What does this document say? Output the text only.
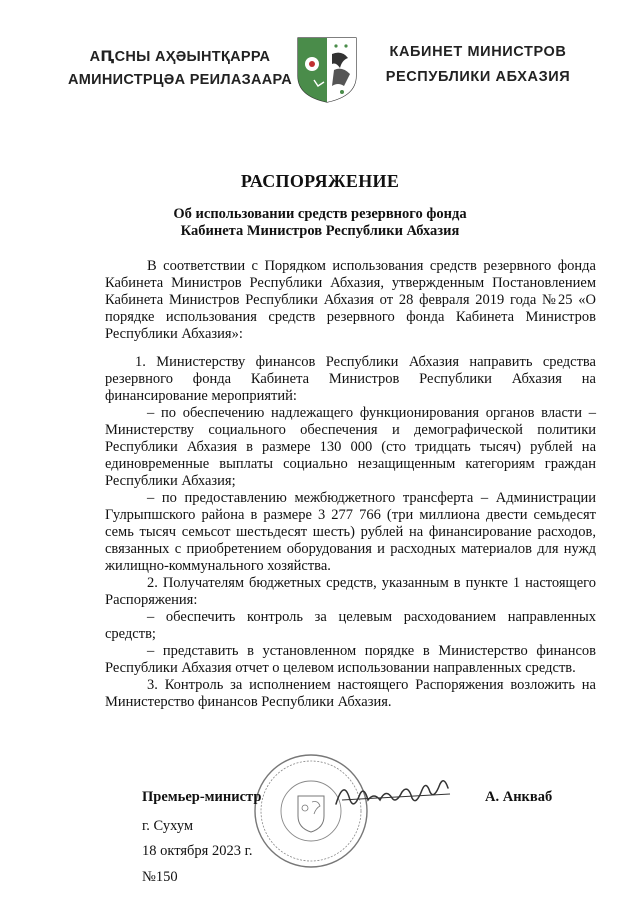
АԤСНЫ АҲӘЫНТҚАРРА
АМИНИСТРЦӘА РЕИЛАЗААРА
КАБИНЕТ МИНИСТРОВ
РЕСПУБЛИКИ АБХАЗИЯ
РАСПОРЯЖЕНИЕ
Об использовании средств резервного фонда
Кабинета Министров Республики Абхазия

В соответствии с Порядком использования средств резервного фонда Кабинета Министров Республики Абхазия, утвержденным Постановлением Кабинета Министров Республики Абхазия от 28 февраля 2019 года №25 «О порядке использования средств резервного фонда Кабинета Министров Республики Абхазия»:

1. Министерству финансов Республики Абхазия направить средства резервного фонда Кабинета Министров Республики Абхазия на финансирование мероприятий:

– по обеспечению надлежащего функционирования органов власти – Министерству социального обеспечения и демографической политики Республики Абхазия в размере 130 000 (сто тридцать тысяч) рублей на единовременные выплаты социально незащищенным категориям граждан Республики Абхазия;

– по предоставлению межбюджетного трансферта – Администрации Гулрыпшского района в размере 3 277 766 (три миллиона двести семьдесят семь тысяч семьсот шестьдесят шесть) рублей на финансирование расходов, связанных с приобретением оборудования и расходных материалов для нужд жилищно-коммунального хозяйства.

2. Получателям бюджетных средств, указанным в пункте 1 настоящего Распоряжения:

– обеспечить контроль за целевым расходованием направленных средств;

– представить в установленном порядке в Министерство финансов Республики Абхазия отчет о целевом использовании направленных средств.

3. Контроль за исполнением настоящего Распоряжения возложить на Министерство финансов Республики Абхазия.

Премьер-министр	А. Анкваб
г. Сухум
18 октября 2023 г.
№150
